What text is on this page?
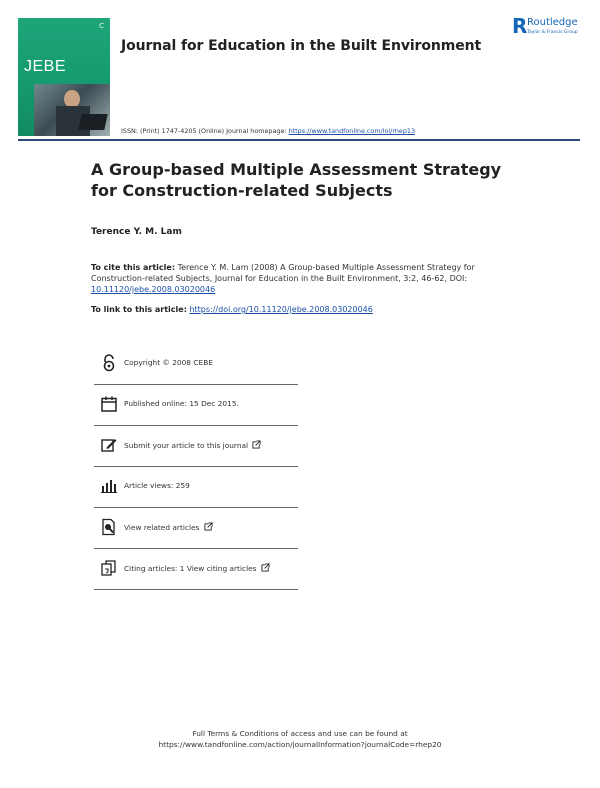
C
JEBE
Journal for Education in the Built Environment
R Routledge
Taylor & Francis Group
ISSN: (Print) 1747-4205 (Online) Journal homepage: https://www.tandfonline.com/loi/rhep13
A Group-based Multiple Assessment Strategy for Construction-related Subjects
Terence Y. M. Lam
To cite this article: Terence Y. M. Lam (2008) A Group-based Multiple Assessment Strategy for Construction-related Subjects, Journal for Education in the Built Environment, 3:2, 46-62, DOI: 10.11120/jebe.2008.03020046
To link to this article: https://doi.org/10.11120/jebe.2008.03020046
Copyright © 2008 CEBE
Published online: 15 Dec 2015.
Submit your article to this journal
Article views: 259
View related articles
Citing articles: 1 View citing articles
Full Terms & Conditions of access and use can be found at
https://www.tandfonline.com/action/journalInformation?journalCode=rhep20
